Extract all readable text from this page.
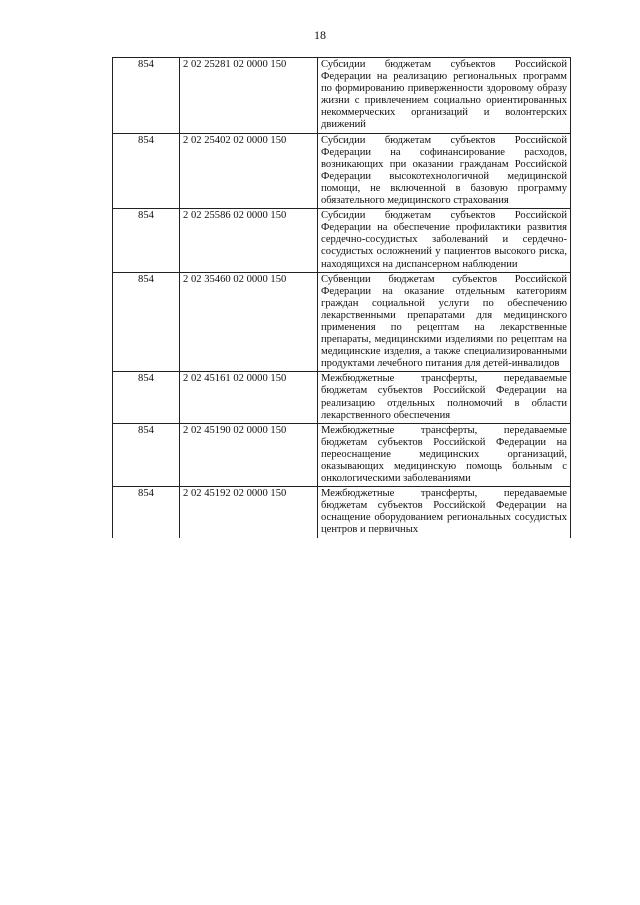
18
854	2 02 25281 02 0000 150	Субсидии бюджетам субъектов Российской Федерации на реализацию региональных программ по формированию приверженности здоровому образу жизни с привлечением социально ориентированных некоммерческих организаций и волонтерских движений
854	2 02 25402 02 0000 150	Субсидии бюджетам субъектов Российской Федерации на софинансирование расходов, возникающих при оказании гражданам Российской Федерации высокотехнологичной медицинской помощи, не включенной в базовую программу обязательного медицинского страхования
854	2 02 25586 02 0000 150	Субсидии бюджетам субъектов Российской Федерации на обеспечение профилактики развития сердечно-сосудистых заболеваний и сердечно-сосудистых осложнений у пациентов высокого риска, находящихся на диспансерном наблюдении
854	2 02 35460 02 0000 150	Субвенции бюджетам субъектов Российской Федерации на оказание отдельным категориям граждан социальной услуги по обеспечению лекарственными препаратами для медицинского применения по рецептам на лекарственные препараты, медицинскими изделиями по рецептам на медицинские изделия, а также специализированными продуктами лечебного питания для детей-инвалидов
854	2 02 45161 02 0000 150	Межбюджетные трансферты, передаваемые бюджетам субъектов Российской Федерации на реализацию отдельных полномочий в области лекарственного обеспечения
854	2 02 45190 02 0000 150	Межбюджетные трансферты, передаваемые бюджетам субъектов Российской Федерации на переоснащение медицинских организаций, оказывающих медицинскую помощь больным с онкологическими заболеваниями
854	2 02 45192 02 0000 150	Межбюджетные трансферты, передаваемые бюджетам субъектов Российской Федерации на оснащение оборудованием региональных сосудистых центров и первичных
